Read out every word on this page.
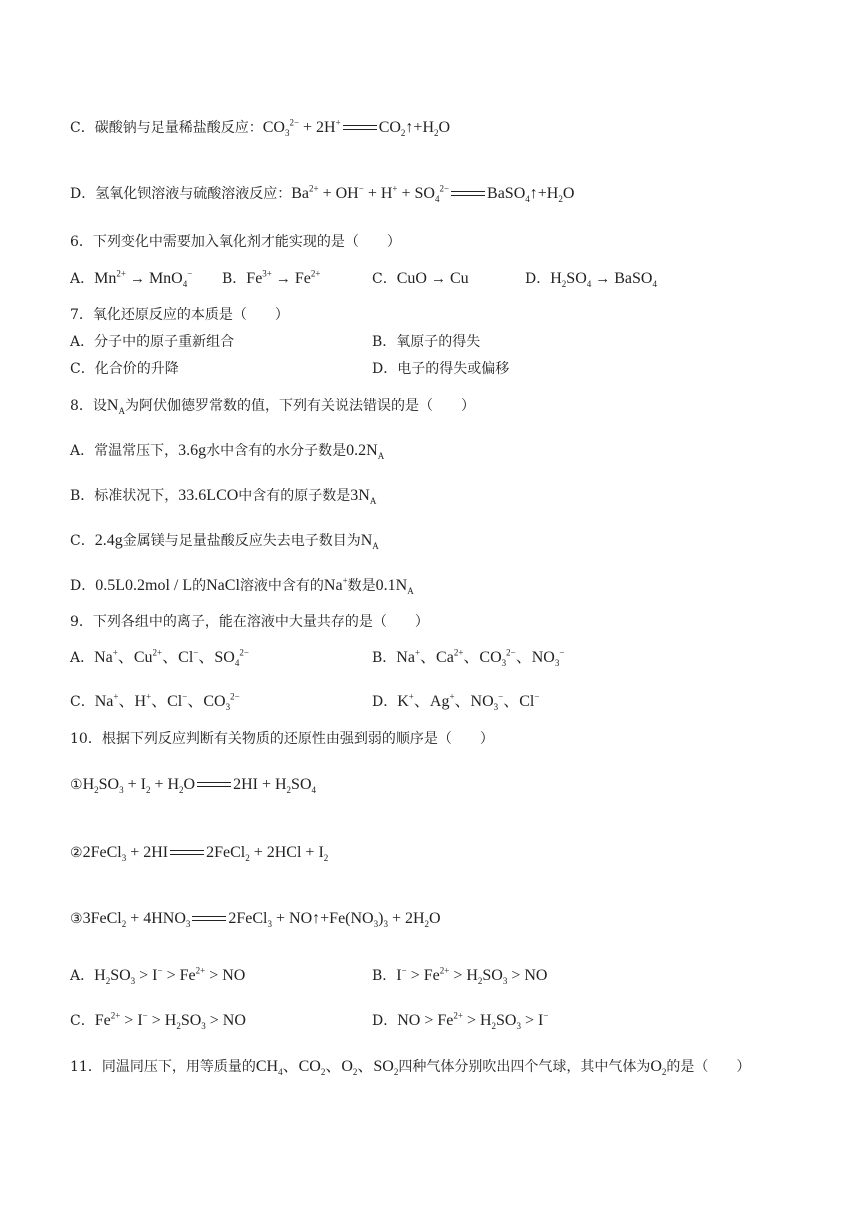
C．碳酸钠与足量稀盐酸反应：$CO_3^{2-} + 2H^+$ $CO_2↑+H_2O$
D．氢氧化钡溶液与硫酸溶液反应：$Ba^{2+} + OH^- + H^+ + SO_4^{2-}$ $BaSO_4↑+H_2O$
6．下列变化中需要加入氧化剂才能实现的是（　　）
A．$Mn^{2+} \to MnO_4^-$ B．$Fe^{3+} \to Fe^{2+}$	C．CuO → Cu	D．$H_2SO_4$ → BaSO$_4$
7．氧化还原反应的本质是（　　）
A．分子中的原子重新组合	B．氧原子的得失
C．化合价的升降	D．电子的得失或偏移
8．设$N_A$为阿伏伽德罗常数的值，下列有关说法错误的是（　　）
A．常温常压下，3.6g水中含有的水分子数是$0.2N_A$
B．标准状况下，33.6LCO中含有的原子数是$3N_A$
C．2.4g金属镁与足量盐酸反应失去电子数目为$N_A$
D．0.5L0.2mol / L的NaCl溶液中含有的Na+数是$0.1N_A$
9．下列各组中的离子，能在溶液中大量共存的是（　　）
A．Na+、$Cu^{2+}$、Cl−、$SO_4^{2-}$	B．Na+、$Ca^{2+}$、$CO_3^{2-}$、$NO_3^-$
C．Na+、H+、Cl−、$CO_3^{2-}$	D．K+、Ag+、$NO_3^-$、Cl−
10．根据下列反应判断有关物质的还原性由强到弱的顺序是（　　）
$①H_2SO_3 + I_2 + H_2O$ $2HI + H_2SO_4$
②2FeCl$_3$ + 2HI 2FeCl$_2$ + $2HCl + I_2$
③3FeCl$_2$ + $4HNO_3$ 2FeCl$_3$ + $NO↑+Fe(NO_3)_3 + 2H_2O$
A．$H_2SO_3 > I^- > Fe^{2+}$ > NO	B．$I^- > Fe^{2+} > H_2SO_3$ > NO
C．$Fe^{2+} > I^- > H_2SO_3$ > NO	D．NO > $Fe^{2+} > H_2SO_3 > I^-$
11．同温同压下，用等质量的$CH_4$、$CO_2$、$O_2$、$SO_2$四种气体分别吹出四个气球，其中气体为$O_2$的是（　　）
